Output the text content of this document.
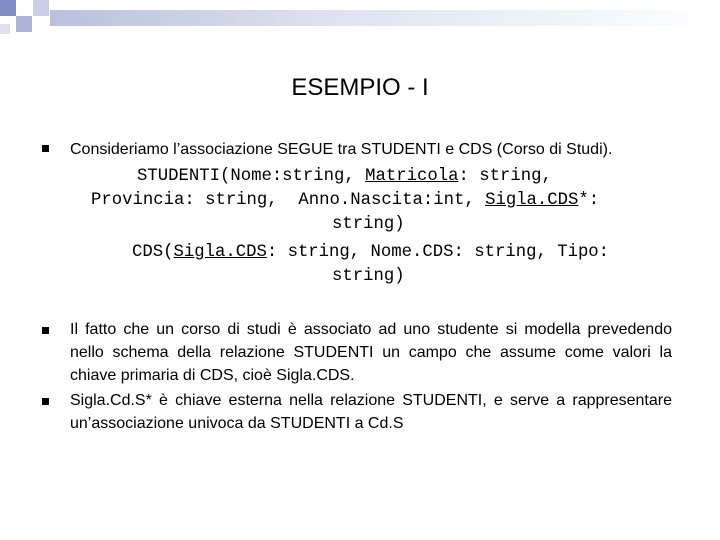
ESEMPIO - I
Consideriamo l’associazione SEGUE tra STUDENTI e CDS (Corso di Studi).
STUDENTI(Nome:string, Matricola: string,
Provincia: string,  Anno.Nascita:int, Sigla.CDS*:
string)
CDS(Sigla.CDS: string, Nome.CDS: string, Tipo:
string)
Il fatto che un corso di studi è associato ad uno studente si modella prevedendo nello schema della relazione STUDENTI un campo che assume come valori la chiave primaria di CDS, cioè Sigla.CDS.
Sigla.Cd.S* è chiave esterna nella relazione STUDENTI, e serve a rappresentare un’associazione univoca da STUDENTI a Cd.S
